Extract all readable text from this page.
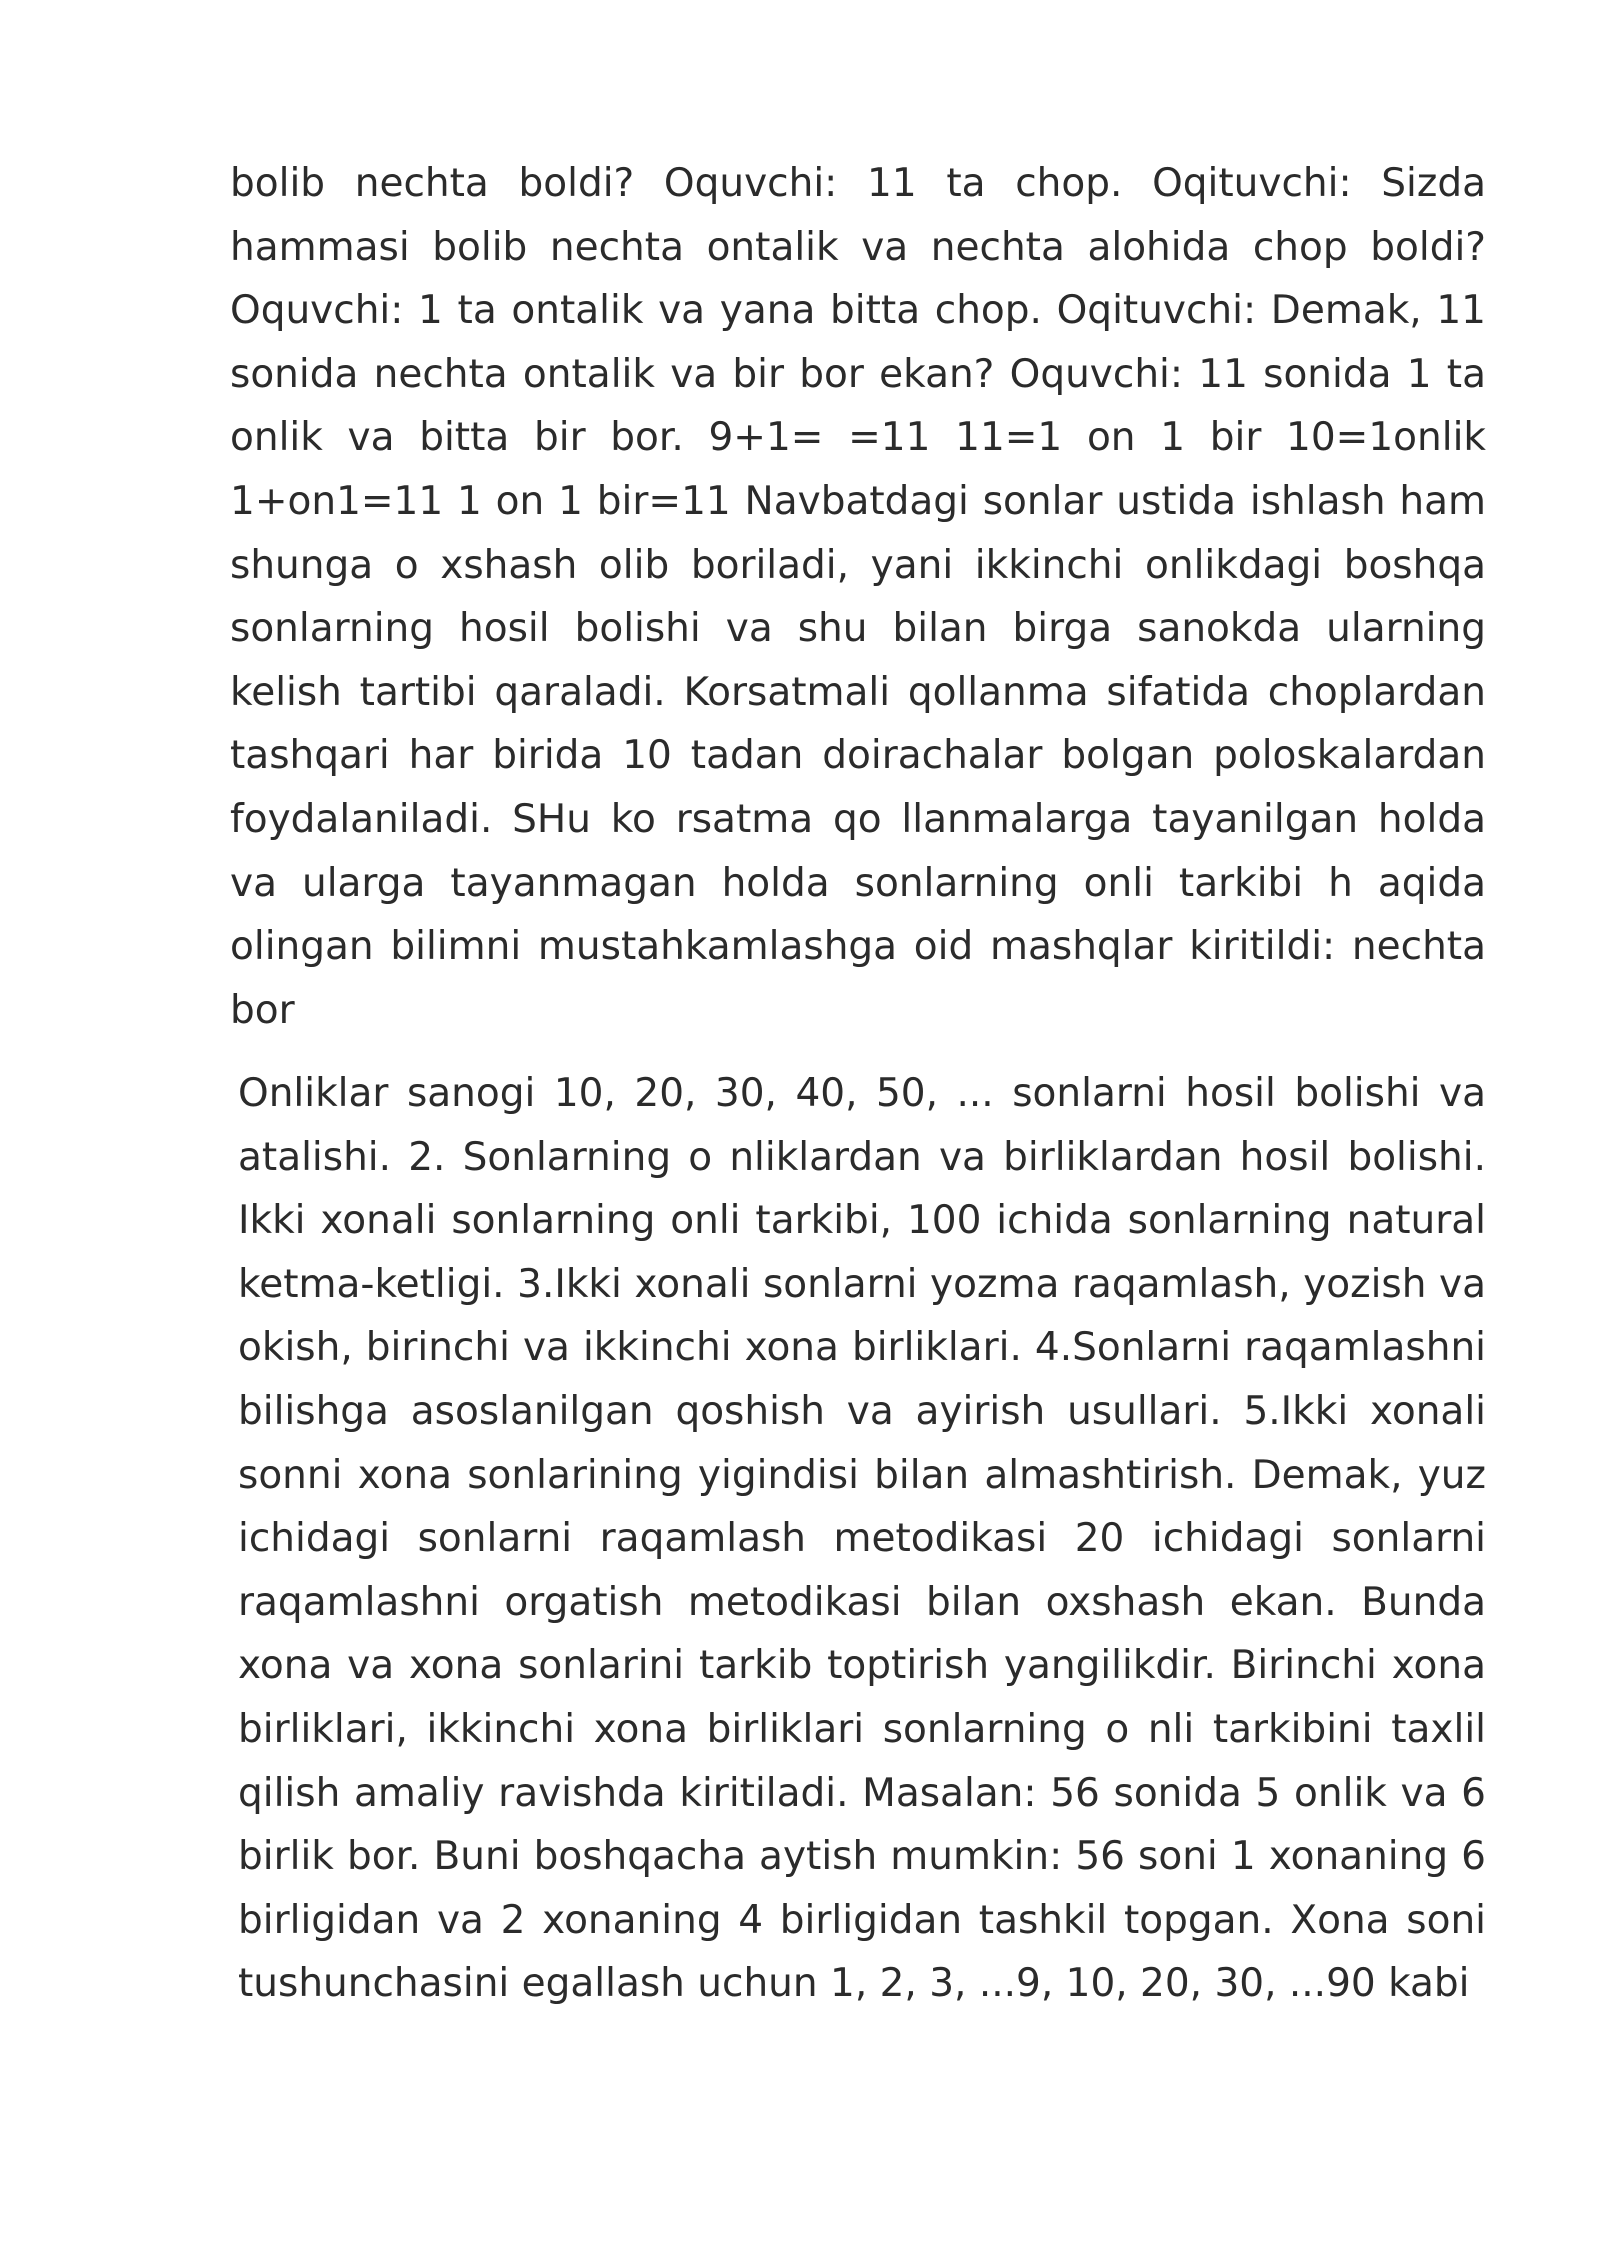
bolib nechta boldi? Oquvchi: 11 ta chop. Oqituvchi: Sizda hammasi bolib nechta ontalik va nechta alohida chop boldi? Oquvchi: 1 ta ontalik va yana bitta chop. Oqituvchi: Demak, 11 sonida nechta ontalik va bir bor ekan? Oquvchi: 11 sonida 1 ta onlik va bitta bir bor. 9+1= =11 11=1 on 1 bir 10=1onlik 1+on1=11 1 on 1 bir=11 Navbatdagi sonlar ustida ishlash ham shunga o xshash olib boriladi, yani ikkinchi onlikdagi boshqa sonlarning hosil bolishi va shu bilan birga sanokda ularning kelish tartibi qaraladi. Korsatmali qollanma sifatida choplardan tashqari har birida 10 tadan doirachalar bolgan poloskalardan foydalaniladi. SHu ko rsatma qo llanmalarga tayanilgan holda va ularga tayanmagan holda sonlarning onli tarkibi h aqida olingan bilimni mustahkamlashga oid mashqlar kiritildi: nechta bor

Onliklar sanogi 10, 20, 30, 40, 50, ... sonlarni hosil bolishi va atalishi. 2. Sonlarning o nliklardan va birliklardan hosil bolishi. Ikki xonali sonlarning onli tarkibi, 100 ichida sonlarning natural ketma-ketligi. 3.Ikki xonali sonlarni yozma raqamlash, yozish va okish, birinchi va ikkinchi xona birliklari. 4.Sonlarni raqamlashni bilishga asoslanilgan qoshish va ayirish usullari. 5.Ikki xonali sonni xona sonlarining yigindisi bilan almashtirish. Demak, yuz ichidagi sonlarni raqamlash metodikasi 20 ichidagi sonlarni raqamlashni orgatish metodikasi bilan oxshash ekan. Bunda xona va xona sonlarini tarkib toptirish yangilikdir. Birinchi xona birliklari, ikkinchi xona birliklari sonlarning o nli tarkibini taxlil qilish amaliy ravishda kiritiladi. Masalan: 56 sonida 5 onlik va 6 birlik bor. Buni boshqacha aytish mumkin: 56 soni 1 xonaning 6 birligidan va 2 xonaning 4 birligidan tashkil topgan. Xona soni tushunchasini egallash uchun 1, 2, 3, ...9, 10, 20, 30, ...90 kabi
